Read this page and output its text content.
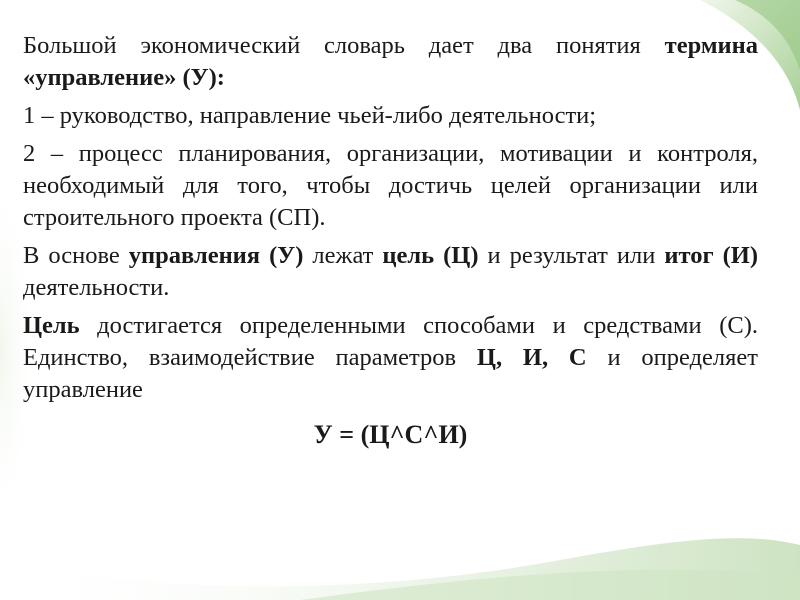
Большой экономический словарь дает два понятия термина «управление» (У):

1 – руководство, направление чьей-либо деятельности;

2 – процесс планирования, организации, мотивации и контроля, необходимый для того, чтобы достичь целей организации или строительного проекта (СП).

В основе управления (У) лежат цель (Ц) и результат или итог (И) деятельности.

Цель достигается определенными способами и средствами (С). Единство, взаимодействие параметров Ц, И, С и определяет управление

У = (Ц^С^И)
